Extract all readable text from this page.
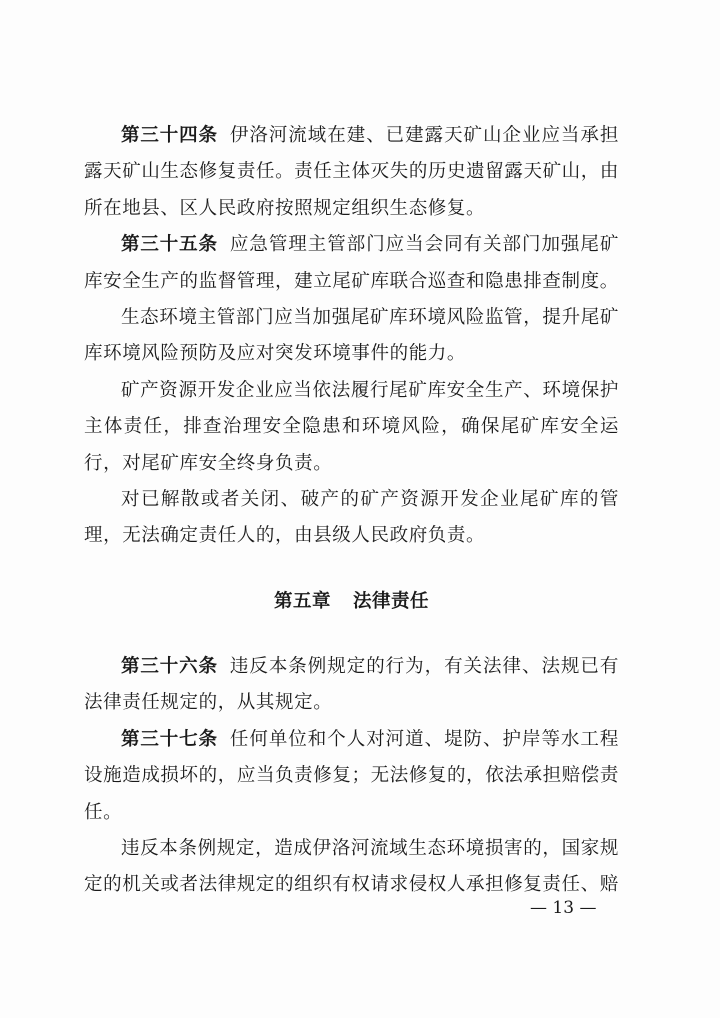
第三十四条 伊洛河流域在建、已建露天矿山企业应当承担露天矿山生态修复责任。责任主体灭失的历史遗留露天矿山，由所在地县、区人民政府按照规定组织生态修复。

第三十五条 应急管理主管部门应当会同有关部门加强尾矿库安全生产的监督管理，建立尾矿库联合巡查和隐患排查制度。

生态环境主管部门应当加强尾矿库环境风险监管，提升尾矿库环境风险预防及应对突发环境事件的能力。

矿产资源开发企业应当依法履行尾矿库安全生产、环境保护主体责任，排查治理安全隐患和环境风险，确保尾矿库安全运行，对尾矿库安全终身负责。

对已解散或者关闭、破产的矿产资源开发企业尾矿库的管理，无法确定责任人的，由县级人民政府负责。

第五章 法律责任

第三十六条 违反本条例规定的行为，有关法律、法规已有法律责任规定的，从其规定。

第三十七条 任何单位和个人对河道、堤防、护岸等水工程设施造成损坏的，应当负责修复；无法修复的，依法承担赔偿责任。

违反本条例规定，造成伊洛河流域生态环境损害的，国家规定的机关或者法律规定的组织有权请求侵权人承担修复责任、赔

— 13 —
